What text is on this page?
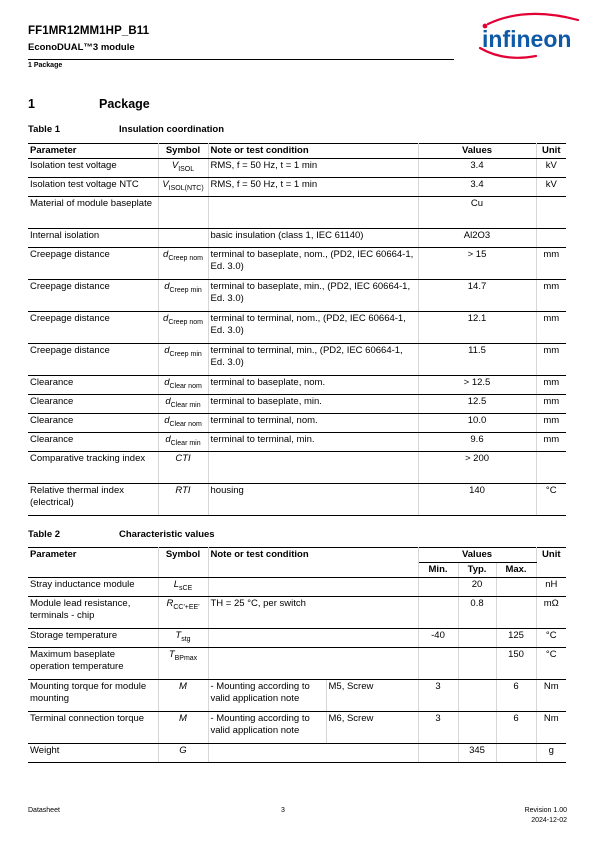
FF1MR12MM1HP_B11
EconoDUAL™3 module
1 Package
infineon
1	Package
Table 1	Insulation coordination
Parameter	Symbol	Note or test condition	Values	Unit
Isolation test voltage	$V_{ISOL}$	RMS, f = 50 Hz, t = 1 min	3.4	kV
Isolation test voltage NTC	$V_{ISOL(NTC)}$	RMS, f = 50 Hz, t = 1 min	3.4	kV
Material of module baseplate			Cu	
Internal isolation		basic insulation (class 1, IEC 61140)	Al2O3	
Creepage distance	$d_{Creep nom}$	terminal to baseplate, nom., (PD2, IEC 60664-1, Ed. 3.0)	> 15	mm
Creepage distance	$d_{Creep min}$	terminal to baseplate, min., (PD2, IEC 60664-1, Ed. 3.0)	14.7	mm
Creepage distance	$d_{Creep nom}$	terminal to terminal, nom., (PD2, IEC 60664-1, Ed. 3.0)	12.1	mm
Creepage distance	$d_{Creep min}$	terminal to terminal, min., (PD2, IEC 60664-1, Ed. 3.0)	11.5	mm
Clearance	$d_{Clear nom}$	terminal to baseplate, nom.	> 12.5	mm
Clearance	$d_{Clear min}$	terminal to baseplate, min.	12.5	mm
Clearance	$d_{Clear nom}$	terminal to terminal, nom.	10.0	mm
Clearance	$d_{Clear min}$	terminal to terminal, min.	9.6	mm
Comparative tracking index	CTI		> 200	
Relative thermal index (electrical)	RTI	housing	140	°C
Table 2	Characteristic values
Parameter	Symbol	Note or test condition		Values			Unit
				Min.	Typ.	Max.	
Stray inductance module	$L_{sCE}$				20		nH
Module lead resistance, terminals - chip	$R_{CC'+EE'}$	TH = 25 °C, per switch			0.8		mΩ
Storage temperature	$T_{stg}$			-40		125	°C
Maximum baseplate operation temperature	$T_{BPmax}$					150	°C
Mounting torque for module mounting	M	- Mounting according to valid application note	M5, Screw	3		6	Nm
Terminal connection torque	M	- Mounting according to valid application note	M6, Screw	3		6	Nm
Weight	G				345		g
Datasheet	3	Revision 1.00
2024-12-02
